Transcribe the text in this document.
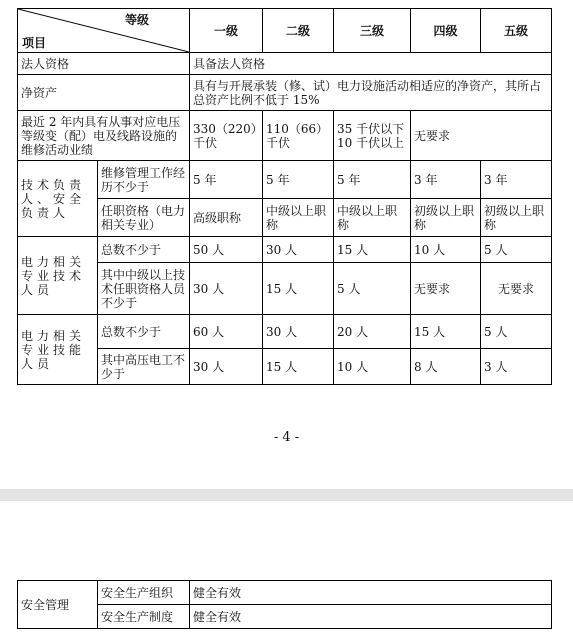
等级
项目		一级	二级	三级	四级	五级
法人资格		具备法人资格				
净资产		具有与开展承装（修、试）电力设施活动相适应的净资产，其所占总资产比例不低于 15%				
最近 2 年内具有从事对应电压等级变（配）电及线路设施的维修活动业绩		330（220）千伏	110（66）千伏	35 千伏以下 10 千伏以上	无要求	
技术负责人、安全负责人	维修管理工作经历不少于	5 年	5 年	5 年	3 年	3 年
	任职资格（电力相关专业）	高级职称	中级以上职称	中级以上职称	初级以上职称	初级以上职称
电力相关专业技术人员	总数不少于	50 人	30 人	15 人	10 人	5 人
	其中中级以上技术任职资格人员不少于	30 人	15 人	5 人	无要求	无要求
电力相关专业技能人员	总数不少于	60 人	30 人	20 人	15 人	5 人
	其中高压电工不少于	30 人	15 人	10 人	8 人	3 人
- 4 -
安全管理	安全生产组织	健全有效
	安全生产制度	健全有效
